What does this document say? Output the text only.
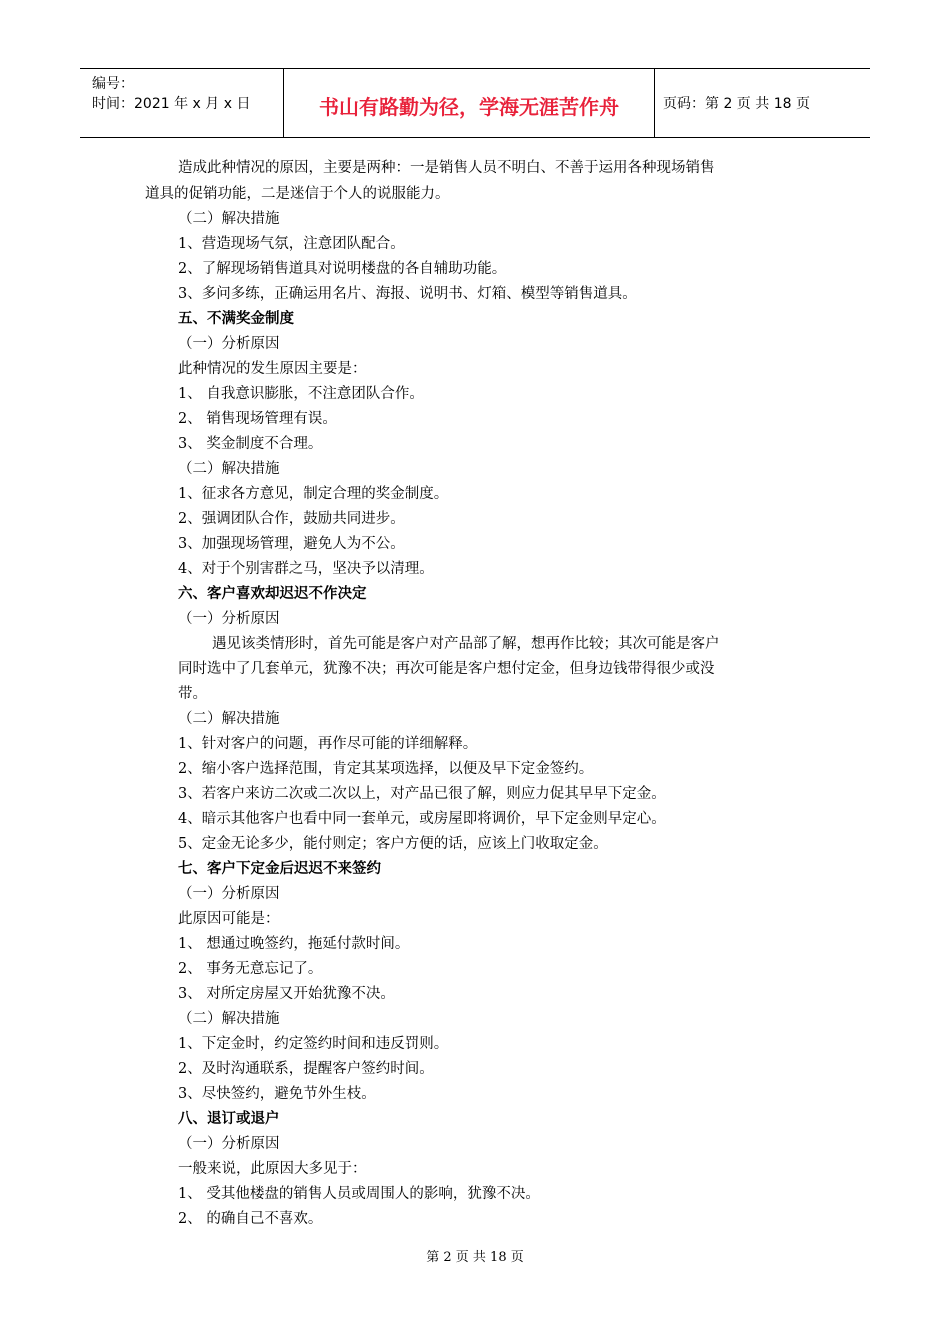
编号：
时间：2021 年 x 月 x 日	书山有路勤为径，学海无涯苦作舟	页码：第 2 页 共 18 页
造成此种情况的原因，主要是两种：一是销售人员不明白、不善于运用各种现场销售
道具的促销功能，二是迷信于个人的说服能力。
（二）解决措施
1、营造现场气氛，注意团队配合。
2、了解现场销售道具对说明楼盘的各自辅助功能。
3、多问多练，正确运用名片、海报、说明书、灯箱、模型等销售道具。
五、不满奖金制度
（一）分析原因
此种情况的发生原因主要是：
1、 自我意识膨胀，不注意团队合作。
2、 销售现场管理有误。
3、 奖金制度不合理。
（二）解决措施
1、征求各方意见，制定合理的奖金制度。
2、强调团队合作，鼓励共同进步。
3、加强现场管理，避免人为不公。
4、对于个别害群之马，坚决予以清理。
六、客户喜欢却迟迟不作决定
（一）分析原因
遇见该类情形时，首先可能是客户对产品部了解，想再作比较；其次可能是客户
同时选中了几套单元，犹豫不决；再次可能是客户想付定金，但身边钱带得很少或没
带。
（二）解决措施
1、针对客户的问题，再作尽可能的详细解释。
2、缩小客户选择范围，肯定其某项选择，以便及早下定金签约。
3、若客户来访二次或二次以上，对产品已很了解，则应力促其早早下定金。
4、暗示其他客户也看中同一套单元，或房屋即将调价，早下定金则早定心。
5、定金无论多少，能付则定；客户方便的话，应该上门收取定金。
七、客户下定金后迟迟不来签约
（一）分析原因
此原因可能是：
1、 想通过晚签约，拖延付款时间。
2、 事务无意忘记了。
3、 对所定房屋又开始犹豫不决。
（二）解决措施
1、下定金时，约定签约时间和违反罚则。
2、及时沟通联系，提醒客户签约时间。
3、尽快签约，避免节外生枝。
八、退订或退户
（一）分析原因
一般来说，此原因大多见于：
1、 受其他楼盘的销售人员或周围人的影响，犹豫不决。
2、 的确自己不喜欢。
第 2 页 共 18 页
